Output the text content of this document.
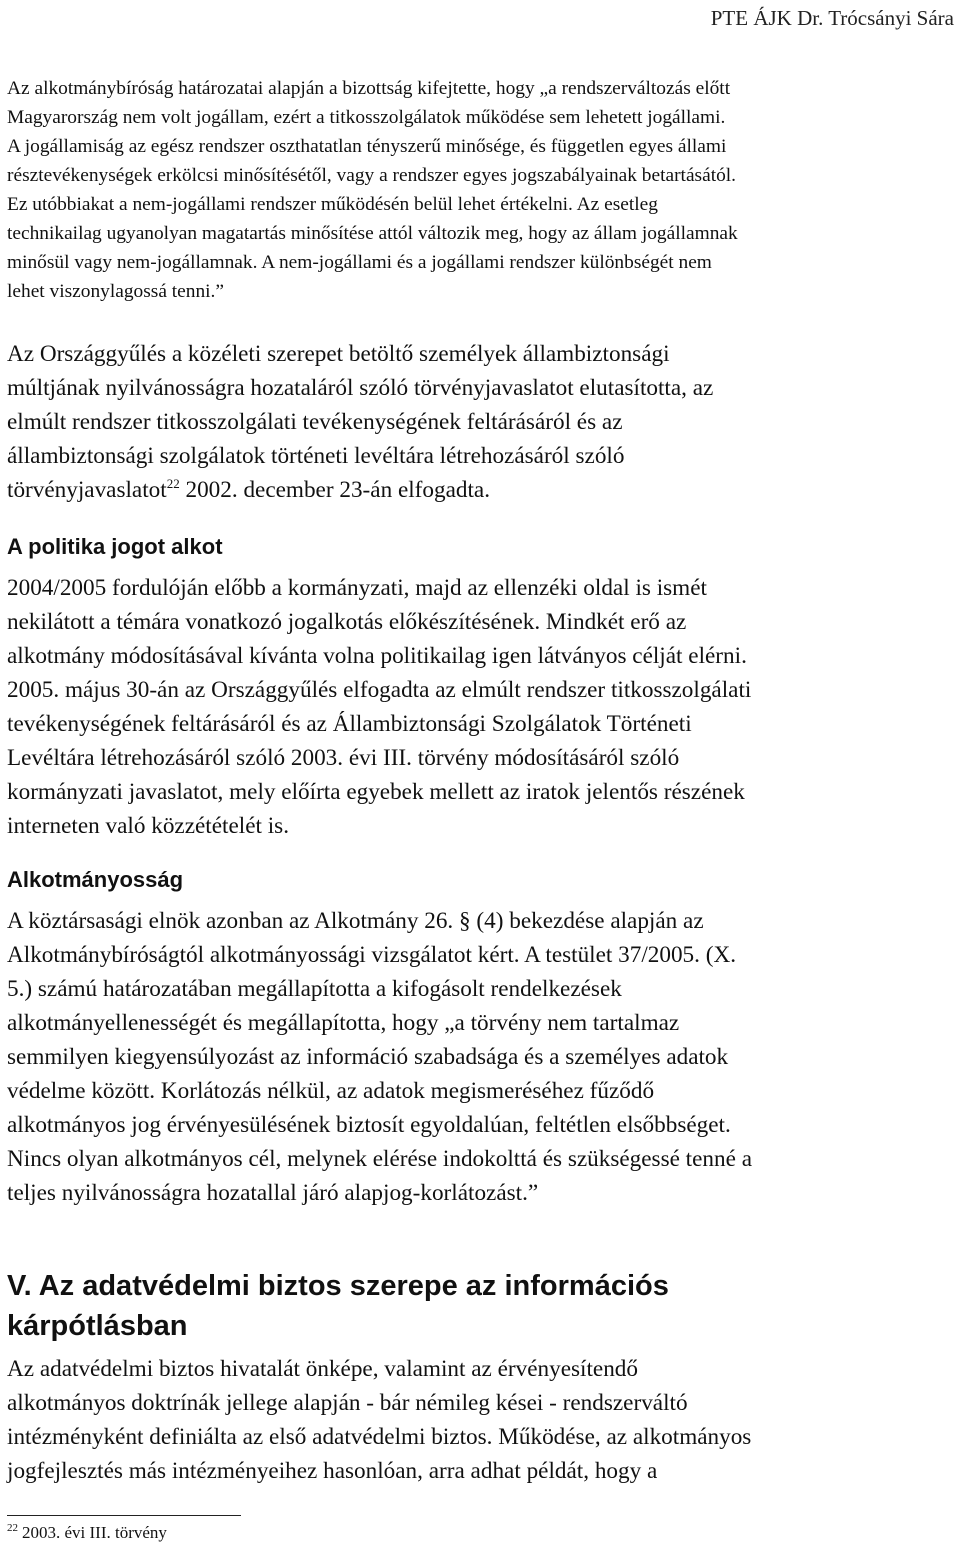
PTE ÁJK Dr. Trócsányi Sára
Az alkotmánybíróság határozatai alapján a bizottság kifejtette, hogy „a rendszerváltozás előtt
Magyarország nem volt jogállam, ezért a titkosszolgálatok működése sem lehetett jogállami.
A jogállamiság az egész rendszer oszthatatlan tényszerű minősége, és független egyes állami
résztevékenységek erkölcsi minősítésétől, vagy a rendszer egyes jogszabályainak betartásától.
Ez utóbbiakat a nem-jogállami rendszer működésén belül lehet értékelni. Az esetleg
technikailag ugyanolyan magatartás minősítése attól változik meg, hogy az állam jogállamnak
minősül vagy nem-jogállamnak. A nem-jogállami és a jogállami rendszer különbségét nem
lehet viszonylagossá tenni.”
Az Országgyűlés a közéleti szerepet betöltő személyek állambiztonsági
múltjának nyilvánosságra hozataláról szóló törvényjavaslatot elutasította, az
elmúlt rendszer titkosszolgálati tevékenységének feltárásáról és az
állambiztonsági szolgálatok történeti levéltára létrehozásáról szóló
törvényjavaslatot$^{22}$ 2002. december 23-án elfogadta.
A politika jogot alkot
2004/2005 fordulóján előbb a kormányzati, majd az ellenzéki oldal is ismét
nekilátott a témára vonatkozó jogalkotás előkészítésének. Mindkét erő az
alkotmány módosításával kívánta volna politikailag igen látványos célját elérni.
2005. május 30-án az Országgyűlés elfogadta az elmúlt rendszer titkosszolgálati
tevékenységének feltárásáról és az Állambiztonsági Szolgálatok Történeti
Levéltára létrehozásáról szóló 2003. évi III. törvény módosításáról szóló
kormányzati javaslatot, mely előírta egyebek mellett az iratok jelentős részének
interneten való közzétételét is.
Alkotmányosság
A köztársasági elnök azonban az Alkotmány 26. § (4) bekezdése alapján az
Alkotmánybíróságtól alkotmányossági vizsgálatot kért. A testület 37/2005. (X.
5.) számú határozatában megállapította a kifogásolt rendelkezések
alkotmányellenességét és megállapította, hogy „a törvény nem tartalmaz
semmilyen kiegyensúlyozást az információ szabadsága és a személyes adatok
védelme között. Korlátozás nélkül, az adatok megismeréséhez fűződő
alkotmányos jog érvényesülésének biztosít egyoldalúan, feltétlen elsőbbséget.
Nincs olyan alkotmányos cél, melynek elérése indokolttá és szükségessé tenné a
teljes nyilvánosságra hozatallal járó alapjog-korlátozást.”
V. Az adatvédelmi biztos szerepe az információs
kárpótlásban
Az adatvédelmi biztos hivatalát önképe, valamint az érvényesítendő
alkotmányos doktrínák jellege alapján - bár némileg kései - rendszerváltó
intézményként definiálta az első adatvédelmi biztos. Működése, az alkotmányos
jogfejlesztés más intézményeihez hasonlóan, arra adhat példát, hogy a
$^{22}$ 2003. évi III. törvény
